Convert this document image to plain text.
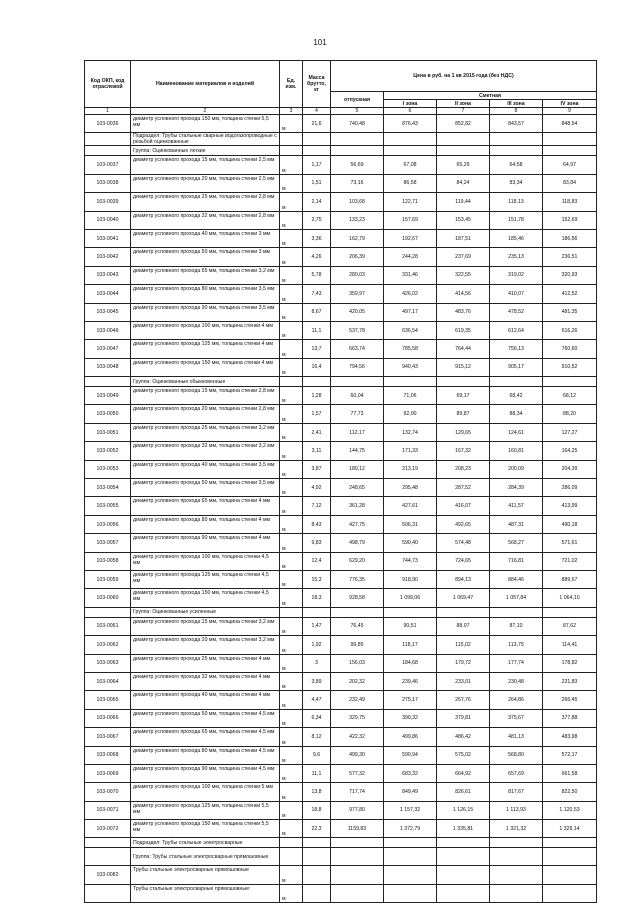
101
Код ОКП, код отраслевой	Наименование материалов и изделий	Ед. изм.	Масса брутто, кг	Цена в руб. на 1 кв 2015 года (без НДС)				
				отпускная	Сметная			
					I зона	II зона	III зона	IV зона
1	2	3	4	5	6	7	8	9
103-0036	диаметр условного прохода 150 мм, толщина стенки 5,5 мм	м	21,6	740,48	876,43	852,82	843,57	848,54
	Подраздел: Трубы стальные сварные водогазопроводные с резьбой оцинкованные							
	Группа: Оцинкованные легкие							
103-0037	диаметр условного прохода 15 мм, толщина стенки 2,5 мм	м	1,17	56,69	67,08	65,29	64,58	64,97
103-0038	диаметр условного прохода 20 мм, толщина стенки 2,5 мм	м	1,51	73,16	86,58	84,24	83,34	83,84
103-0039	диаметр условного прохода 25 мм, толщина стенки 2,8 мм	м	2,14	103,68	122,71	119,44	118,13	118,83
103-0040	диаметр условного прохода 32 мм, толщина стенки 2,8 мм	м	2,75	133,23	157,69	153,45	151,78	152,69
103-0041	диаметр условного прохода 40 мм, толщина стенки 3 мм	м	3,36	162,79	192,67	187,51	185,46	186,56
103-0042	диаметр условного прохода 50 мм, толщина стенки 3 мм	м	4,26	206,39	244,28	237,69	235,13	236,51
103-0043	диаметр условного прохода 65 мм, толщина стенки 3,2 мм	м	5,78	280,03	331,46	322,55	319,02	320,93
103-0044	диаметр условного прохода 80 мм, толщина стенки 3,5 мм	м	7,43	359,97	426,02	414,56	410,07	412,52
103-0045	диаметр условного прохода 90 мм, толщина стенки 3,5 мм	м	8,67	420,05	497,17	483,76	478,52	481,35
103-0046	диаметр условного прохода 100 мм, толщина стенки 4 мм	м	11,1	537,78	636,54	619,35	612,64	616,26
103-0047	диаметр условного прохода 125 мм, толщина стенки 4 мм	м	13,7	663,74	785,58	764,44	756,13	760,60
103-0048	диаметр условного прохода 150 мм, толщина стенки 4 мм	м	16,4	794,56	940,43	915,12	905,17	910,52
	Группа: Оцинкованные обыкновенные							
103-0049	диаметр условного прохода 15 мм, толщина стенки 2,8 мм	м	1,28	60,04	71,06	69,17	68,42	68,12
103-0050	диаметр условного прохода 20 мм, толщина стенки 2,8 мм	м	1,57	77,73	92,00	89,87	88,34	88,20
103-0051	диаметр условного прохода 25 мм, толщина стенки 3,2 мм	м	2,41	112,17	132,74	129,65	124,61	127,27
103-0052	диаметр условного прохода 32 мм, толщина стенки 3,2 мм	м	3,11	144,75	171,33	167,32	160,81	164,25
103-0053	диаметр условного прохода 40 мм, толщина стенки 3,5 мм	м	3,87	180,12	213,19	208,23	200,09	204,39
103-0054	диаметр условного прохода 50 мм, толщина стенки 3,5 мм	м	4,92	248,65	295,48	287,52	284,39	286,09
103-0055	диаметр условного прохода 65 мм, толщина стенки 4 мм	м	7,12	361,28	427,61	416,07	411,57	413,99
103-0056	диаметр условного прохода 80 мм, толщина стенки 4 мм	м	8,43	427,75	506,31	492,65	487,31	490,18
103-0057	диаметр условного прохода 90 мм, толщина стенки 4 мм	м	9,83	498,79	590,40	574,48	568,27	571,61
103-0058	диаметр условного прохода 100 мм, толщина стенки 4,5 мм	м	12,4	629,20	744,73	724,65	716,81	721,02
103-0059	диаметр условного прохода 125 мм, толщина стенки 4,5 мм	м	15,3	776,35	918,90	894,13	884,46	889,67
103-0060	диаметр условного прохода 150 мм, толщина стенки 4,5 мм	м	18,3	928,58	1 099,06	1 069,47	1 057,84	1 064,10
	Группа: Оцинкованные усиленные							
103-0061	диаметр условного прохода 15 мм, толщина стенки 3,2 мм	м	1,47	76,45	90,51	88,07	87,10	87,62
103-0062	диаметр условного прохода 20 мм, толщина стенки 3,2 мм	м	1,92	99,85	118,17	115,02	113,75	114,41
103-0063	диаметр условного прохода 25 мм, толщина стенки 4 мм	м	3	156,03	184,68	179,72	177,74	178,82
103-0064	диаметр условного прохода 32 мм, толщина стенки 4 мм	м	3,89	202,32	239,46	233,01	230,48	231,83
103-0065	диаметр условного прохода 40 мм, толщина стенки 4 мм	м	4,47	232,49	275,17	267,76	264,86	266,45
103-0066	диаметр условного прохода 50 мм, толщина стенки 4,5 мм	м	6,34	329,75	390,32	379,81	375,67	377,88
103-0067	диаметр условного прохода 65 мм, толщина стенки 4,5 мм	м	8,12	422,32	499,86	486,42	481,13	483,98
103-0068	диаметр условного прохода 80 мм, толщина стенки 4,5 мм	м	9,6	499,30	590,94	575,02	568,80	572,17
103-0069	диаметр условного прохода 90 мм, толщина стенки 4,5 мм	м	11,1	577,32	683,32	664,92	657,69	661,58
103-0070	диаметр условного прохода 100 мм, толщина стенки 5 мм	м	13,8	717,74	849,49	826,61	817,67	822,50
103-0071	диаметр условного прохода 125 мм, толщина стенки 5,5 мм	м	18,8	977,80	1 157,32	1 126,15	1 113,93	1 120,53
103-0072	диаметр условного прохода 150 мм, толщина стенки 5,5 мм	м	22,3	1159,83	1 372,79	1 335,81	1 321,32	1 329,14
	Подраздел: Трубы стальные электросварные							
	Группа: Трубы стальные электросварные прямошовные							
103-0082	Трубы стальные электросварные прямошовные	м						
	Трубы стальные электросварные прямошовные:	м						
